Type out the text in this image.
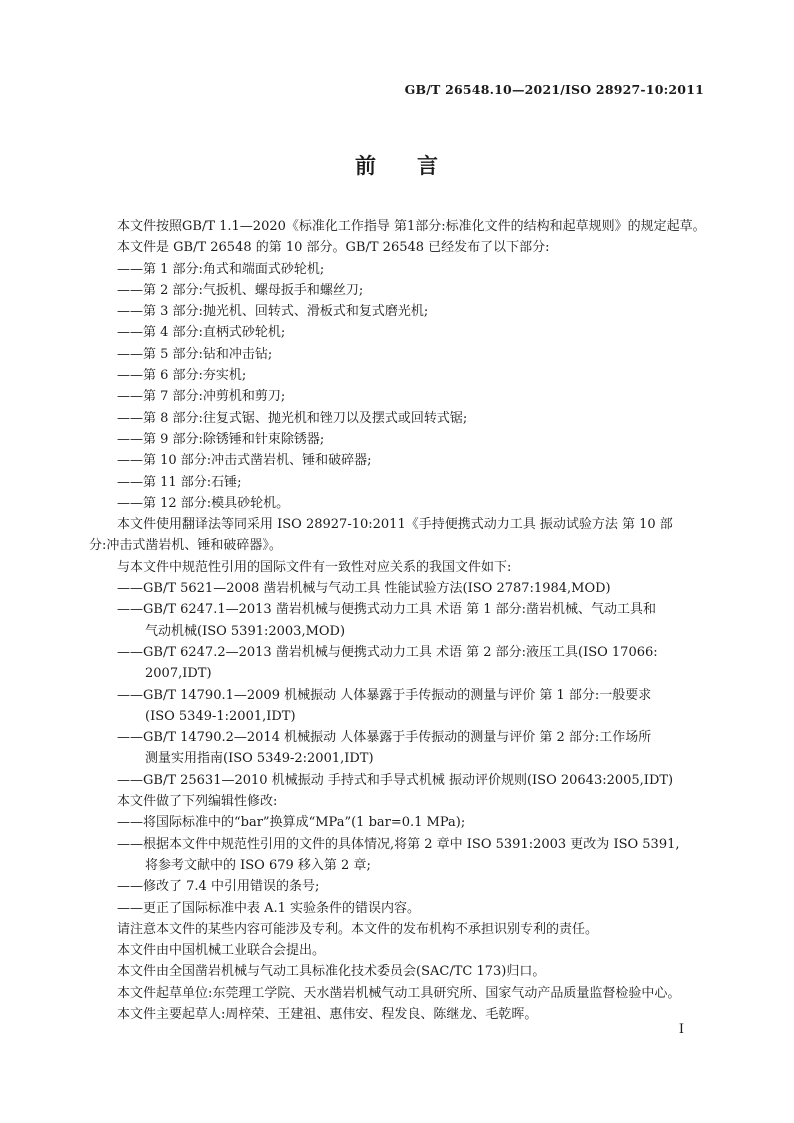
GB/T 26548.10—2021/ISO 28927-10:2011
前 言
本文件按照GB/T 1.1—2020《标准化工作指导 第1部分:标准化文件的结构和起草规则》的规定起草。
本文件是 GB/T 26548 的第 10 部分。GB/T 26548 已经发布了以下部分:
——第 1 部分:角式和端面式砂轮机;
——第 2 部分:气扳机、螺母扳手和螺丝刀;
——第 3 部分:抛光机、回转式、滑板式和复式磨光机;
——第 4 部分:直柄式砂轮机;
——第 5 部分:钻和冲击钻;
——第 6 部分:夯实机;
——第 7 部分:冲剪机和剪刀;
——第 8 部分:往复式锯、抛光机和锉刀以及摆式或回转式锯;
——第 9 部分:除锈锤和针束除锈器;
——第 10 部分:冲击式凿岩机、锤和破碎器;
——第 11 部分:石锤;
——第 12 部分:模具砂轮机。
本文件使用翻译法等同采用 ISO 28927-10:2011《手持便携式动力工具 振动试验方法 第 10 部
分:冲击式凿岩机、锤和破碎器》。
与本文件中规范性引用的国际文件有一致性对应关系的我国文件如下:
——GB/T 5621—2008 凿岩机械与气动工具 性能试验方法(ISO 2787:1984,MOD)
——GB/T 6247.1—2013 凿岩机械与便携式动力工具 术语 第 1 部分:凿岩机械、气动工具和
气动机械(ISO 5391:2003,MOD)
——GB/T 6247.2—2013 凿岩机械与便携式动力工具 术语 第 2 部分:液压工具(ISO 17066:
2007,IDT)
——GB/T 14790.1—2009 机械振动 人体暴露于手传振动的测量与评价 第 1 部分:一般要求
(ISO 5349-1:2001,IDT)
——GB/T 14790.2—2014 机械振动 人体暴露于手传振动的测量与评价 第 2 部分:工作场所
测量实用指南(ISO 5349-2:2001,IDT)
——GB/T 25631—2010 机械振动 手持式和手导式机械 振动评价规则(ISO 20643:2005,IDT)
本文件做了下列编辑性修改:
——将国际标准中的“bar”换算成“MPa”(1 bar=0.1 MPa);
——根据本文件中规范性引用的文件的具体情况,将第 2 章中 ISO 5391:2003 更改为 ISO 5391,
将参考文献中的 ISO 679 移入第 2 章;
——修改了 7.4 中引用错误的条号;
——更正了国际标准中表 A.1 实验条件的错误内容。
请注意本文件的某些内容可能涉及专利。本文件的发布机构不承担识别专利的责任。
本文件由中国机械工业联合会提出。
本文件由全国凿岩机械与气动工具标准化技术委员会(SAC/TC 173)归口。
本文件起草单位:东莞理工学院、天水凿岩机械气动工具研究所、国家气动产品质量监督检验中心。
本文件主要起草人:周梓荣、王建祖、惠伟安、程发良、陈继龙、毛乾晖。
I
